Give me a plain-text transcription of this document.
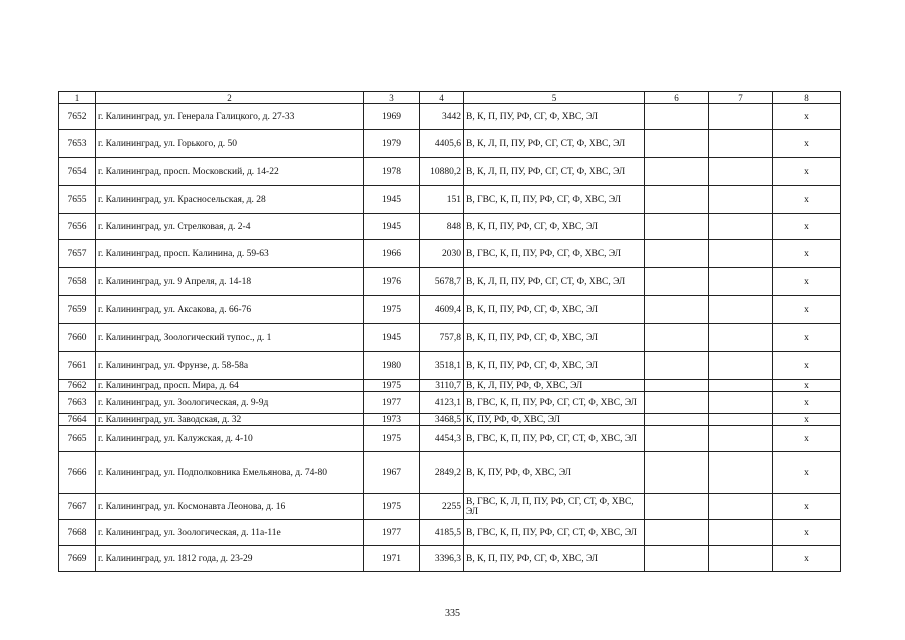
1	2	3	4	5	6	7	8
7652	г. Калининград, ул. Генерала Галицкого, д. 27-33	1969	3442	В, К, П, ПУ, РФ, СГ, Ф, ХВС, ЭЛ			х
7653	г. Калининград, ул. Горького, д. 50	1979	4405,6	В, К, Л, П, ПУ, РФ, СГ, СТ, Ф, ХВС, ЭЛ			х
7654	г. Калининград, просп. Московский, д. 14-22	1978	10880,2	В, К, Л, П, ПУ, РФ, СГ, СТ, Ф, ХВС, ЭЛ			х
7655	г. Калининград, ул. Красносельская, д. 28	1945	151	В, ГВС, К, П, ПУ, РФ, СГ, Ф, ХВС, ЭЛ			х
7656	г. Калининград, ул. Стрелковая, д. 2-4	1945	848	В, К, П, ПУ, РФ, СГ, Ф, ХВС, ЭЛ			х
7657	г. Калининград, просп. Калинина, д. 59-63	1966	2030	В, ГВС, К, П, ПУ, РФ, СГ, Ф, ХВС, ЭЛ			х
7658	г. Калининград, ул. 9 Апреля, д. 14-18	1976	5678,7	В, К, Л, П, ПУ, РФ, СГ, СТ, Ф, ХВС, ЭЛ			х
7659	г. Калининград, ул. Аксакова, д. 66-76	1975	4609,4	В, К, П, ПУ, РФ, СГ, Ф, ХВС, ЭЛ			х
7660	г. Калининград, Зоологический тупос., д. 1	1945	757,8	В, К, П, ПУ, РФ, СГ, Ф, ХВС, ЭЛ			х
7661	г. Калининград, ул. Фрунзе, д. 58-58а	1980	3518,1	В, К, П, ПУ, РФ, СГ, Ф, ХВС, ЭЛ			х
7662	г. Калининград, просп. Мира, д. 64	1975	3110,7	В, К, Л, ПУ, РФ, Ф, ХВС, ЭЛ			х
7663	г. Калининград, ул. Зоологическая, д. 9-9д	1977	4123,1	В, ГВС, К, П, ПУ, РФ, СГ, СТ, Ф, ХВС, ЭЛ			х
7664	г. Калининград, ул. Заводская, д. 32	1973	3468,5	К, ПУ, РФ, Ф, ХВС, ЭЛ			х
7665	г. Калининград, ул. Калужская, д. 4-10	1975	4454,3	В, ГВС, К, П, ПУ, РФ, СГ, СТ, Ф, ХВС, ЭЛ			х
7666	г. Калининград, ул. Подполковника Емельянова, д. 74-80	1967	2849,2	В, К, ПУ, РФ, Ф, ХВС, ЭЛ			х
7667	г. Калининград, ул. Космонавта Леонова, д. 16	1975	2255	В, ГВС, К, Л, П, ПУ, РФ, СГ, СТ, Ф, ХВС, ЭЛ			х
7668	г. Калининград, ул. Зоологическая, д. 11а-11е	1977	4185,5	В, ГВС, К, П, ПУ, РФ, СГ, СТ, Ф, ХВС, ЭЛ			х
7669	г. Калининград, ул. 1812 года, д. 23-29	1971	3396,3	В, К, П, ПУ, РФ, СГ, Ф, ХВС, ЭЛ			х
335
